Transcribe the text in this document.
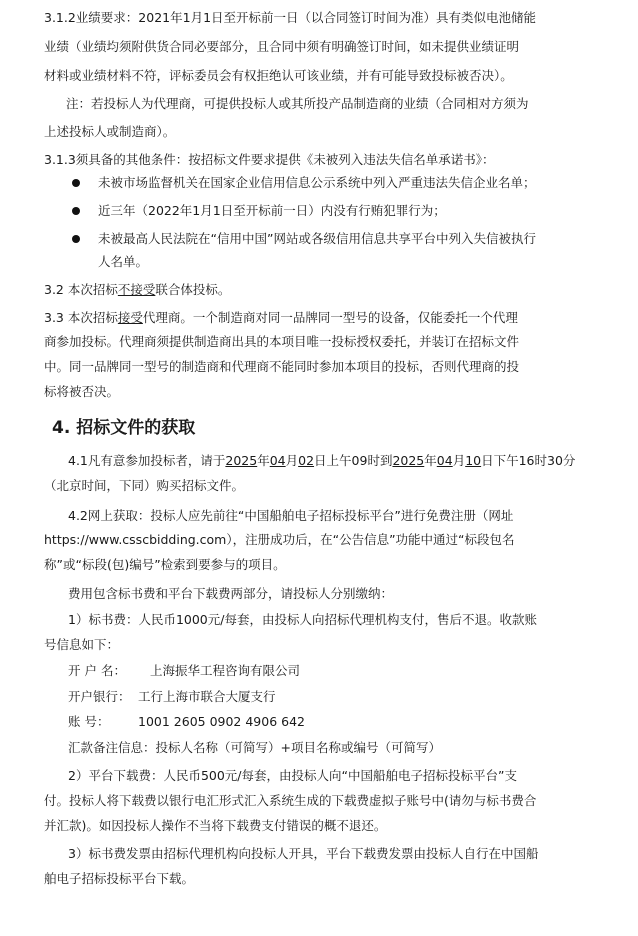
3.1.2业绩要求：2021年1月1日至开标前一日（以合同签订时间为准）具有类似电池储能
业绩（业绩均须附供货合同必要部分，且合同中须有明确签订时间，如未提供业绩证明
材料或业绩材料不符，评标委员会有权拒绝认可该业绩，并有可能导致投标被否决）。
注：若投标人为代理商，可提供投标人或其所投产品制造商的业绩（合同相对方须为
上述投标人或制造商）。
3.1.3须具备的其他条件：按招标文件要求提供《未被列入违法失信名单承诺书》：
未被市场监督机关在国家企业信用信息公示系统中列入严重违法失信企业名单；
近三年（2022年1月1日至开标前一日）内没有行贿犯罪行为；
未被最高人民法院在“信用中国”网站或各级信用信息共享平台中列入失信被执行
人名单。
3.2 本次招标不接受联合体投标。
3.3 本次招标接受代理商。一个制造商对同一品牌同一型号的设备，仅能委托一个代理
商参加投标。代理商须提供制造商出具的本项目唯一投标授权委托，并装订在招标文件
中。同一品牌同一型号的制造商和代理商不能同时参加本项目的投标，否则代理商的投
标将被否决。
4. 招标文件的获取
4.1凡有意参加投标者，请于2025年04月02日上午09时到2025年04月10日下午16时30分
（北京时间，下同）购买招标文件。
4.2网上获取：投标人应先前往“中国船舶电子招标投标平台”进行免费注册（网址
https://www.csscbidding.com），注册成功后，在“公告信息”功能中通过“标段包名
称”或“标段(包)编号”检索到要参与的项目。
费用包含标书费和平台下载费两部分，请投标人分别缴纳：
1）标书费：人民币1000元/每套，由投标人向招标代理机构支付，售后不退。收款账
号信息如下：
开 户 名： 上海振华工程咨询有限公司
开户银行： 工行上海市联合大厦支行
账 号： 1001 2605 0902 4906 642
汇款备注信息：投标人名称（可简写）+项目名称或编号（可简写）
2）平台下载费：人民币500元/每套，由投标人向“中国船舶电子招标投标平台”支
付。投标人将下载费以银行电汇形式汇入系统生成的下载费虚拟子账号中(请勿与标书费合
并汇款)。如因投标人操作不当将下载费支付错误的概不退还。
3）标书费发票由招标代理机构向投标人开具，平台下载费发票由投标人自行在中国船
舶电子招标投标平台下载。
